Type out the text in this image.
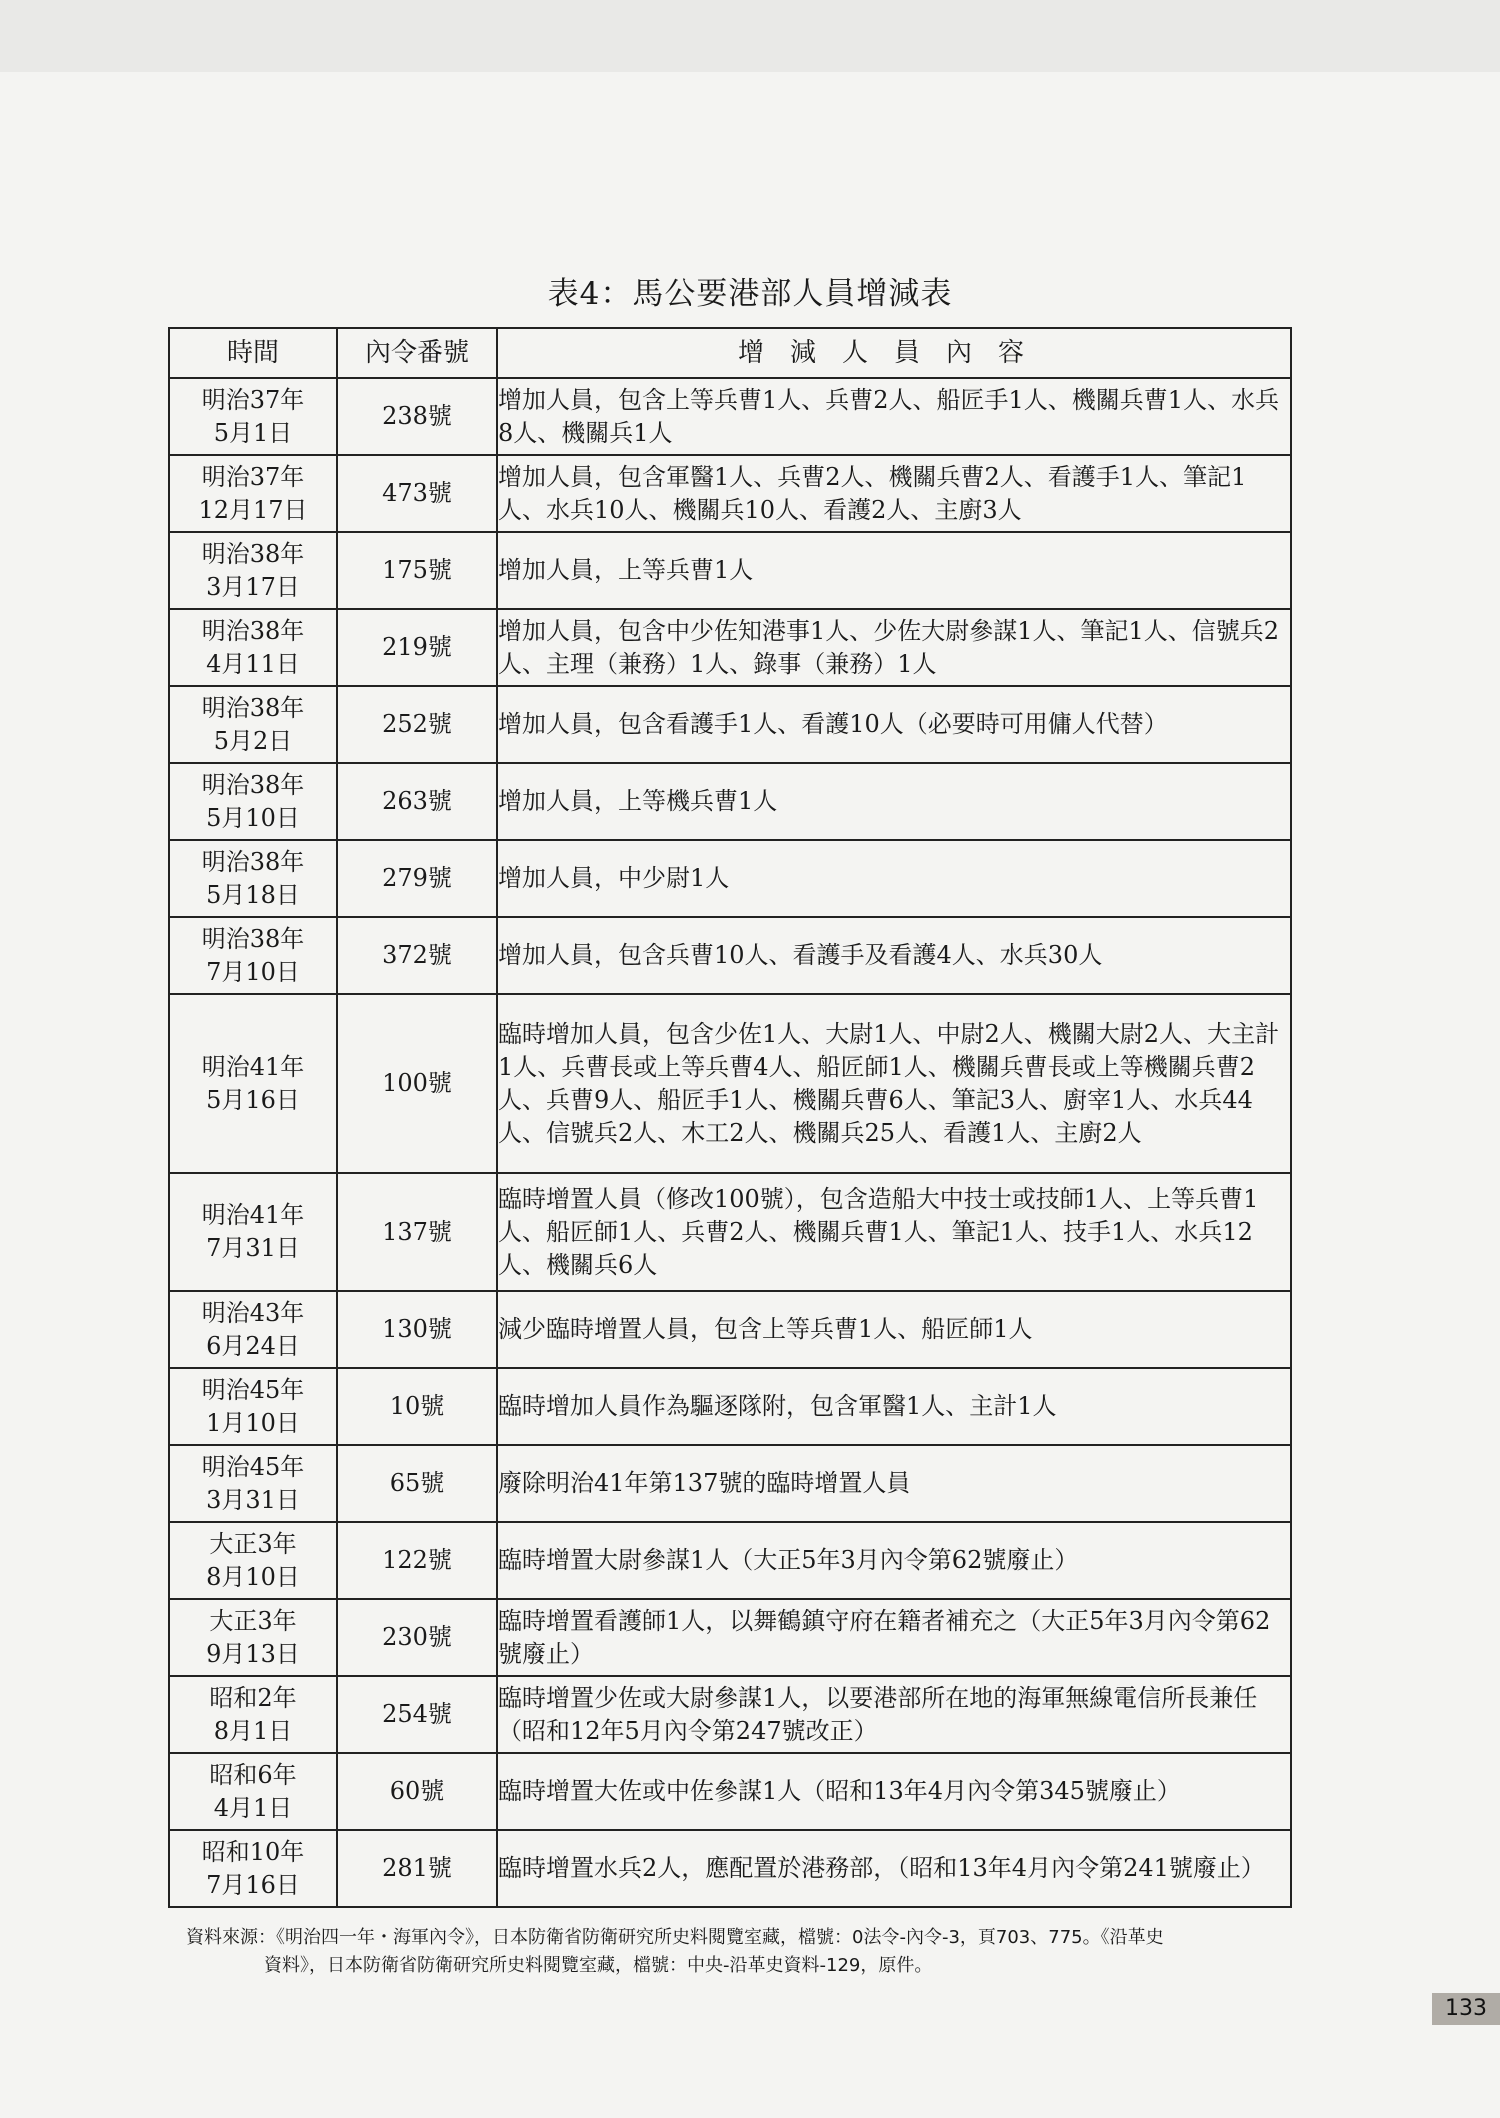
表4：馬公要港部人員增減表
時間	內令番號	增減人員內容

明治37年
5月1日	238號	增加人員，包含上等兵曹1人、兵曹2人、船匠手1人、機關兵曹1人、水兵8人、機關兵1人

明治37年
12月17日	473號	增加人員，包含軍醫1人、兵曹2人、機關兵曹2人、看護手1人、筆記1人、水兵10人、機關兵10人、看護2人、主廚3人

明治38年
3月17日	175號	增加人員，上等兵曹1人

明治38年
4月11日	219號	增加人員，包含中少佐知港事1人、少佐大尉參謀1人、筆記1人、信號兵2人、主理（兼務）1人、錄事（兼務）1人

明治38年
5月2日	252號	增加人員，包含看護手1人、看護10人（必要時可用傭人代替）

明治38年
5月10日	263號	增加人員，上等機兵曹1人

明治38年
5月18日	279號	增加人員，中少尉1人

明治38年
7月10日	372號	增加人員，包含兵曹10人、看護手及看護4人、水兵30人

明治41年
5月16日	100號	臨時增加人員，包含少佐1人、大尉1人、中尉2人、機關大尉2人、大主計1人、兵曹長或上等兵曹4人、船匠師1人、機關兵曹長或上等機關兵曹2人、兵曹9人、船匠手1人、機關兵曹6人、筆記3人、廚宰1人、水兵44人、信號兵2人、木工2人、機關兵25人、看護1人、主廚2人

明治41年
7月31日	137號	臨時增置人員（修改100號），包含造船大中技士或技師1人、上等兵曹1人、船匠師1人、兵曹2人、機關兵曹1人、筆記1人、技手1人、水兵12人、機關兵6人

明治43年
6月24日	130號	減少臨時增置人員，包含上等兵曹1人、船匠師1人

明治45年
1月10日	10號	臨時增加人員作為驅逐隊附，包含軍醫1人、主計1人

明治45年
3月31日	65號	廢除明治41年第137號的臨時增置人員

大正3年
8月10日	122號	臨時增置大尉參謀1人（大正5年3月內令第62號廢止）

大正3年
9月13日	230號	臨時增置看護師1人，以舞鶴鎮守府在籍者補充之（大正5年3月內令第62號廢止）

昭和2年
8月1日	254號	臨時增置少佐或大尉參謀1人，以要港部所在地的海軍無線電信所長兼任（昭和12年5月內令第247號改正）

昭和6年
4月1日	60號	臨時增置大佐或中佐參謀1人（昭和13年4月內令第345號廢止）

昭和10年
7月16日	281號	臨時增置水兵2人，應配置於港務部，（昭和13年4月內令第241號廢止）
資料來源：《明治四一年・海軍內令》，日本防衛省防衛研究所史料閱覽室藏，檔號：0法令-內令-3，頁703、775。《沿革史
資料》，日本防衛省防衛研究所史料閱覽室藏，檔號：中央-沿革史資料-129，原件。
133
